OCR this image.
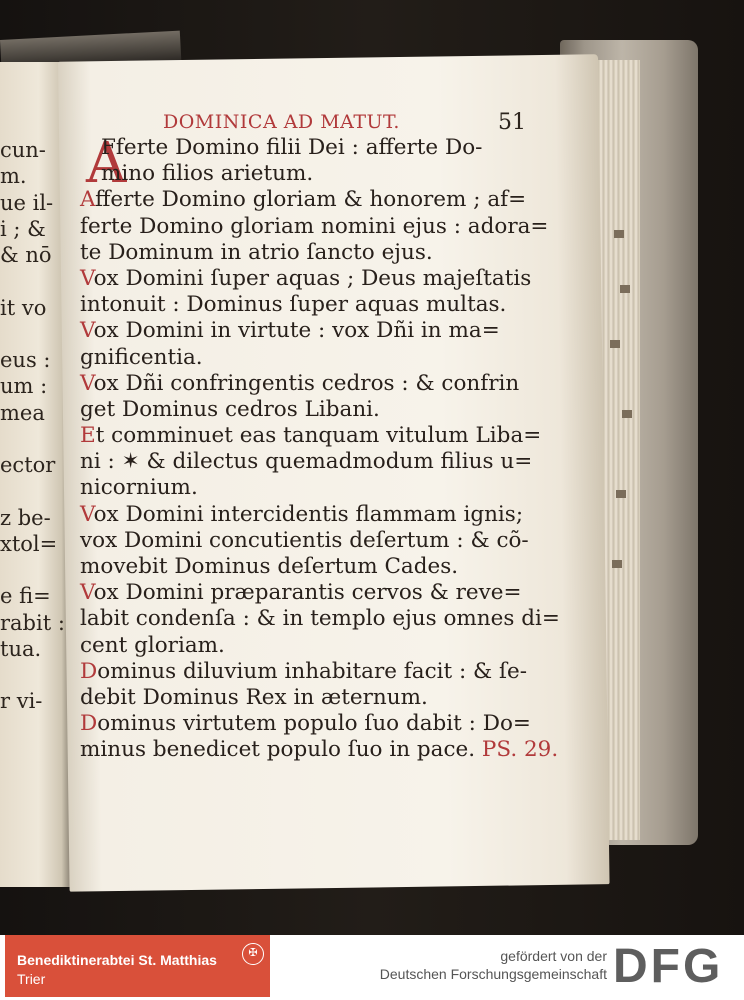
cun-
m.
ue il-
i ; &
& nō
it vo
eus :
um :
mea
ector
z be-
xtol=
e fi=
rabit :
tua.
r vi-
DOMINICA AD MATUT.	51
A
Fferte Domino filii Dei : afferte Do-
mino filios arietum.
Afferte Domino gloriam & honorem ; af=
ferte Domino gloriam nomini ejus : adora=
te Dominum in atrio ſancto ejus.
Vox Domini ſuper aquas ; Deus majeſtatis
intonuit : Dominus ſuper aquas multas.
Vox Domini in virtute : vox Dñi in ma=
gnificentia.
Vox Dñi confringentis cedros : & confrin
get Dominus cedros Libani.
Et comminuet eas tanquam vitulum Liba=
ni : ✶ & dilectus quemadmodum filius u=
nicornium.
Vox Domini intercidentis flammam ignis;
vox Domini concutientis deſertum : & cõ-
movebit Dominus deſertum Cades.
Vox Domini præparantis cervos & reve=
labit condenſa : & in templo ejus omnes di=
cent gloriam.
Dominus diluvium inhabitare facit : & ſe-
debit Dominus Rex in æternum.
Dominus virtutem populo ſuo dabit : Do=
minus benedicet populo ſuo in pace. PS. 29.
Benediktinerabtei St. Matthias
Trier
✠	gefördert von der
Deutschen Forschungsgemeinschaft DFG
